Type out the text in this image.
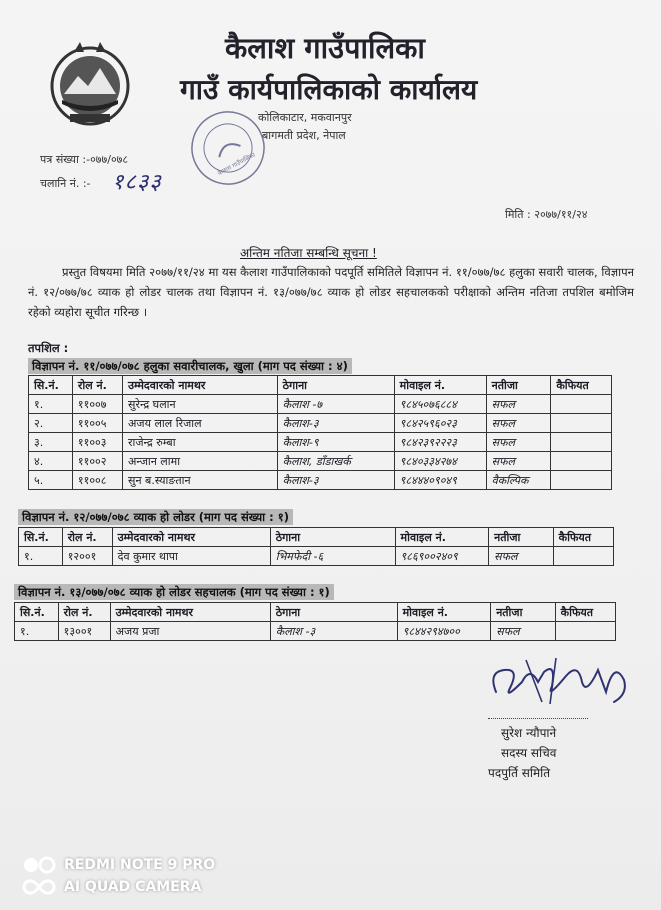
कैलाश गाउँपालिका
गाउँ कार्यपालिकाको कार्यालय
कोलिकाटार, मकवानपुर
बागमती प्रदेश, नेपाल
कैलाश गाउँपालिका
पत्र संख्या :-०७७/०७८
चलानि नं. :- १८३३
मिति : २०७७/११/२४
अन्तिम नतिजा सम्बन्धि सूचना !
प्रस्तुत विषयमा मिति २०७७/११/२४ मा यस कैलाश गाउँपालिकाको पदपूर्ति समितिले विज्ञापन नं. ११/०७७/७८ हलुका सवारी चालक, विज्ञापन नं. १२/०७७/७८ व्याक हो लोडर चालक तथा विज्ञापन नं. १३/०७७/७८ व्याक हो लोडर सहचालकको परीक्षाको अन्तिम नतिजा तपशिल बमोजिम रहेको व्यहोरा सूचीत गरिन्छ ।
तपशिल :
विज्ञापन नं. ११/०७७/०७८ हलुका सवारीचालक, खुला (माग पद संख्या : ४)
सि.नं.	रोल नं.	उम्मेदवारको नामथर	ठेगाना	मोवाइल नं.	नतीजा	कैफियत
१.	११००७	सुरेन्द्र घलान	कैलाश -७	९८४५०७६८८४	सफल	
२.	११००५	अजय लाल रिजाल	कैलाश-३	९८४२५९६०२३	सफल	
३.	११००३	राजेन्द्र रुम्बा	कैलाश-९	९८४२३९२२२३	सफल	
४.	११००२	अन्जान लामा	कैलाश, डाँडाखर्क	९८४०३३४२७४	सफल	
५.	११००८	सुन ब.स्याङतान	कैलाश-३	९८४४४०९०४९	वैकल्पिक	
विज्ञापन नं. १२/०७७/०७८ व्याक हो लोडर (माग पद संख्या : १)
सि.नं.	रोल नं.	उम्मेदवारको नामथर	ठेगाना	मोवाइल नं.	नतीजा	कैफियत
१.	१२००१	देव कुमार थापा	भिमफेदी -६	९८६९००२४०९	सफल	
विज्ञापन नं. १३/०७७/०७८ व्याक हो लोडर सहचालक (माग पद संख्या : १)
सि.नं.	रोल नं.	उम्मेदवारको नामथर	ठेगाना	मोवाइल नं.	नतीजा	कैफियत
१.	१३००१	अजय प्रजा	कैलाश -३	९८४४२९४७००	सफल	
सुरेश न्यौपाने
सदस्य सचिव
पदपुर्ति समिति
REDMI NOTE 9 PRO
AI QUAD CAMERA
